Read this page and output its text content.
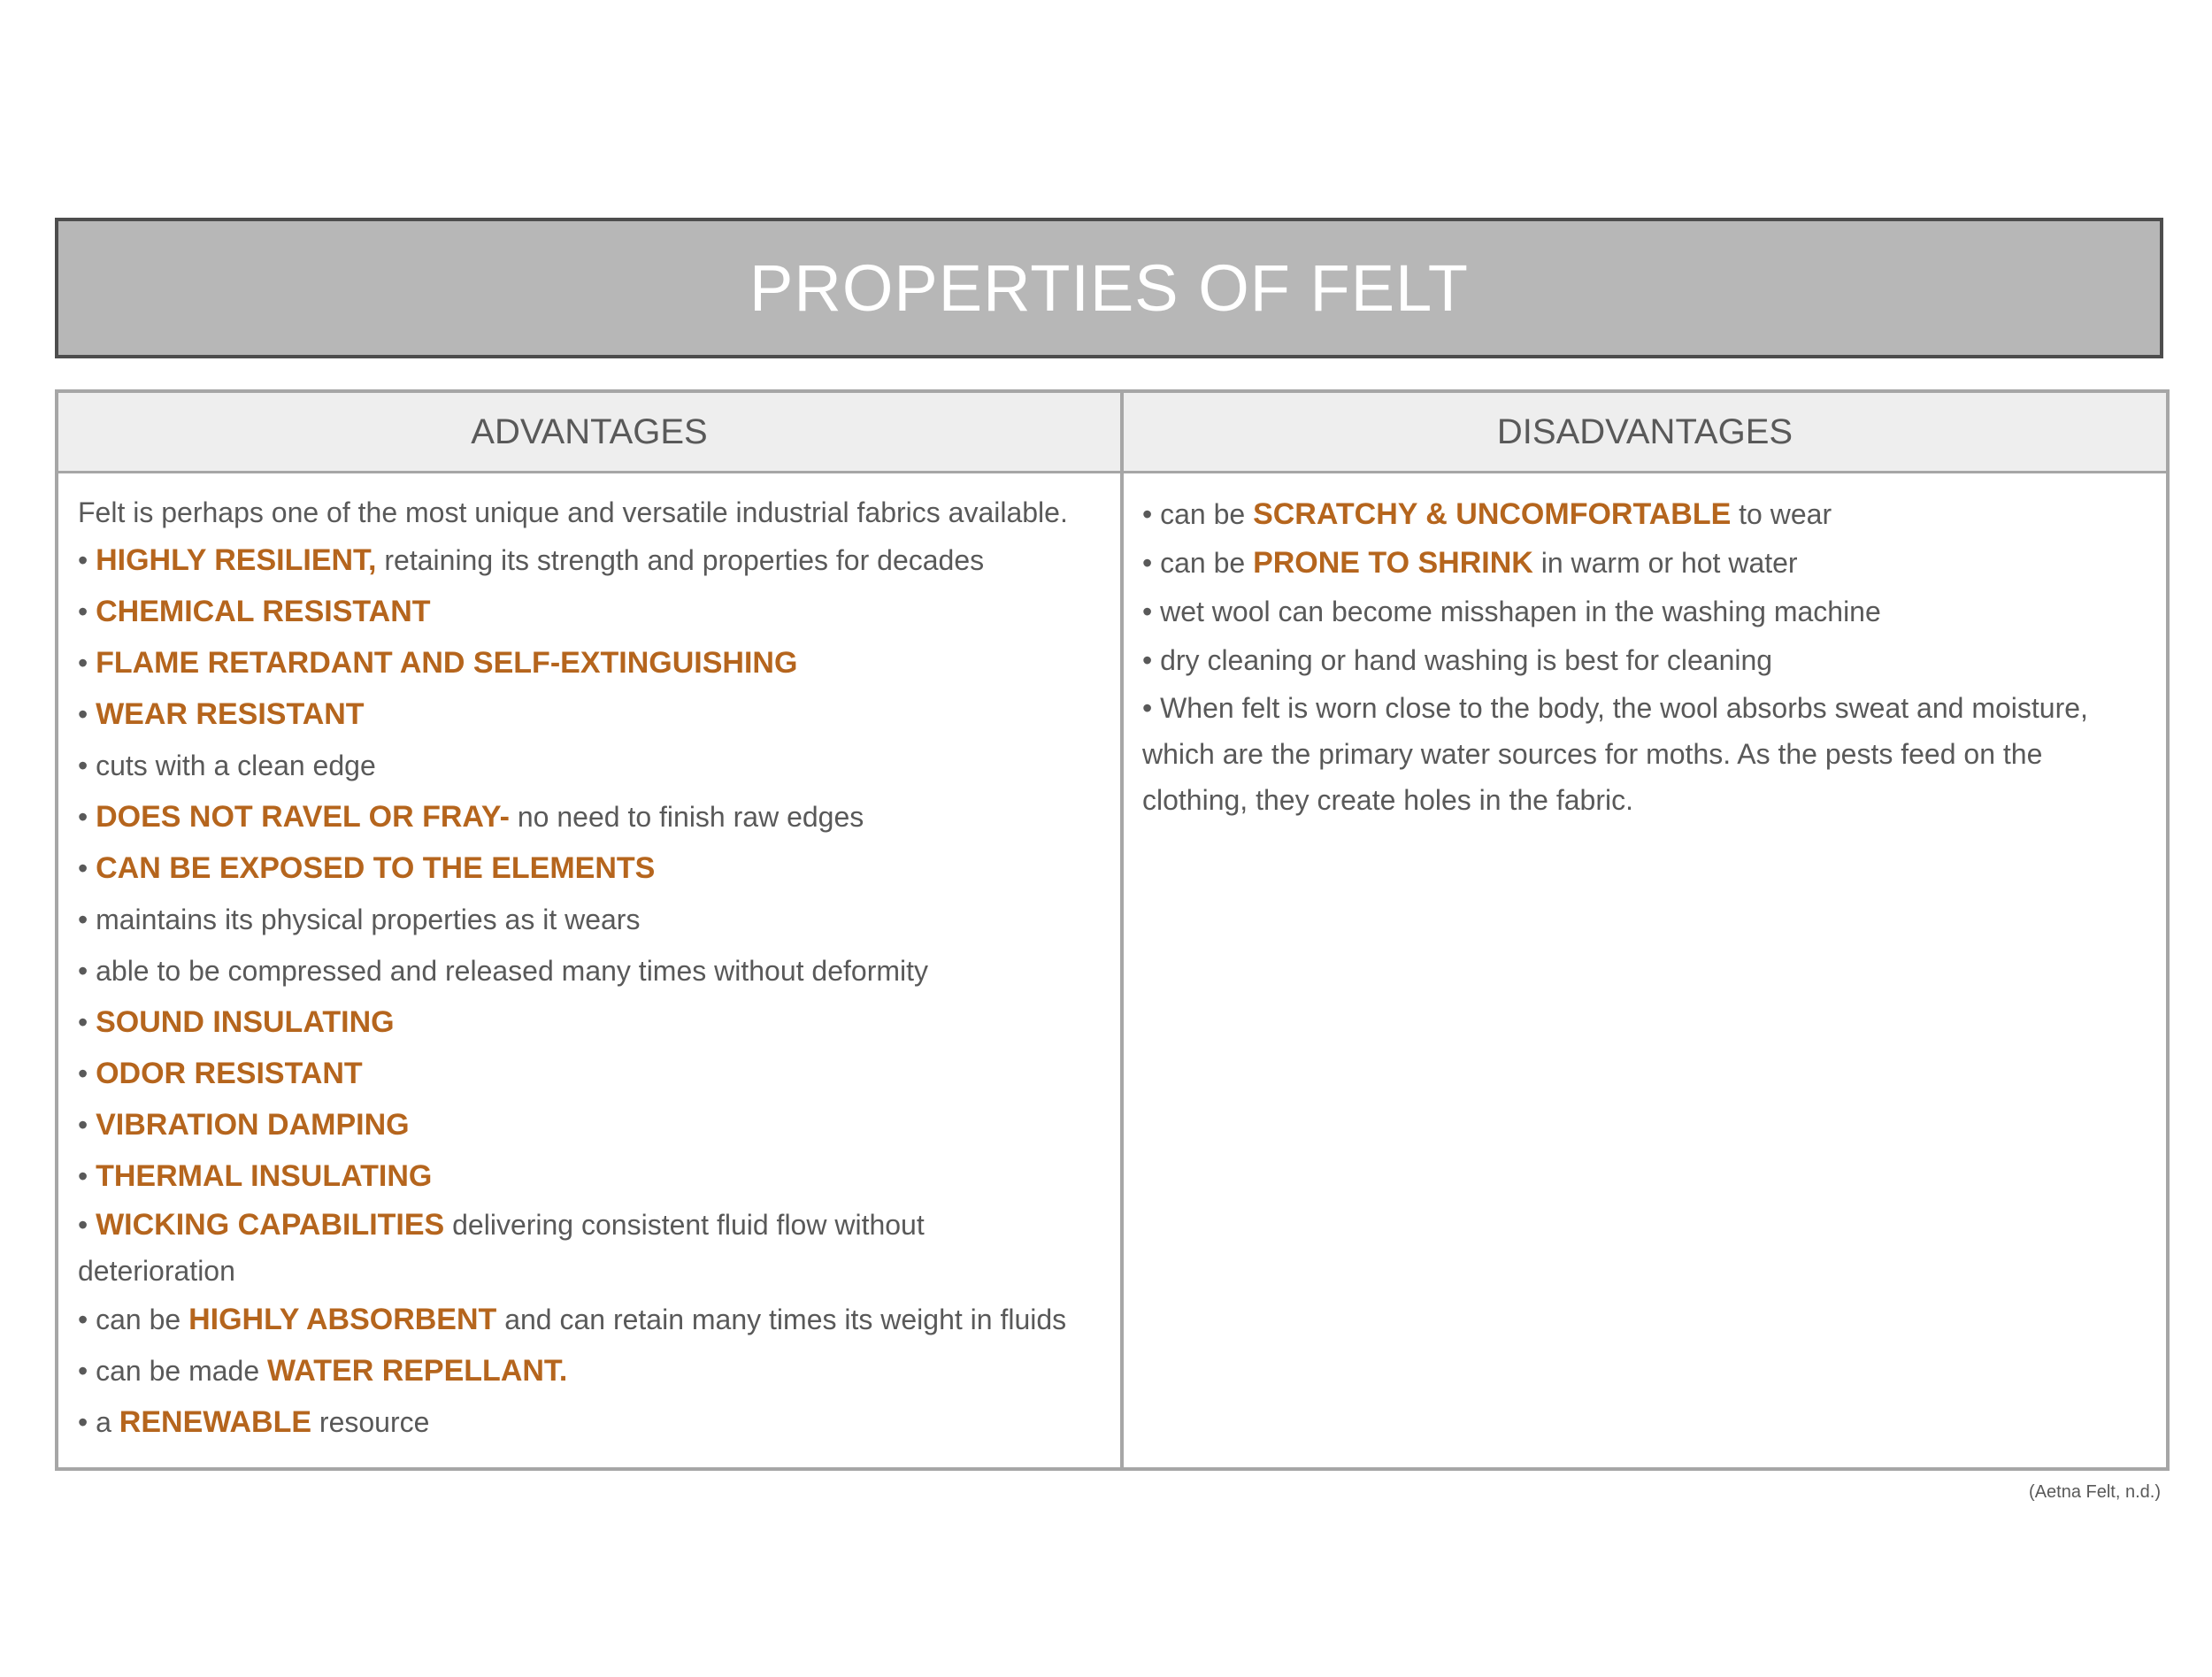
PROPERTIES OF FELT
ADVANTAGES	DISADVANTAGES

Felt is perhaps one of the most unique and versatile industrial fabrics available.

• HIGHLY RESILIENT, retaining its strength and properties for decades

• CHEMICAL RESISTANT

• FLAME RETARDANT AND SELF-EXTINGUISHING

• WEAR RESISTANT

• cuts with a clean edge

• DOES NOT RAVEL OR FRAY- no need to finish raw edges

• CAN BE EXPOSED TO THE ELEMENTS

• maintains its physical properties as it wears

• able to be compressed and released many times without deformity

• SOUND INSULATING

• ODOR RESISTANT

• VIBRATION DAMPING

• THERMAL INSULATING

• WICKING CAPABILITIES delivering consistent fluid flow without deterioration

• can be HIGHLY ABSORBENT and can retain many times its weight in fluids

• can be made WATER REPELLANT.

• a RENEWABLE resource

• can be SCRATCHY & UNCOMFORTABLE to wear

• can be PRONE TO SHRINK in warm or hot water

• wet wool can become misshapen in the washing machine

• dry cleaning or hand washing is best for cleaning

• When felt is worn close to the body, the wool absorbs sweat and moisture, which are the primary water sources for moths. As the pests feed on the clothing, they create holes in the fabric.

(Aetna Felt, n.d.)
